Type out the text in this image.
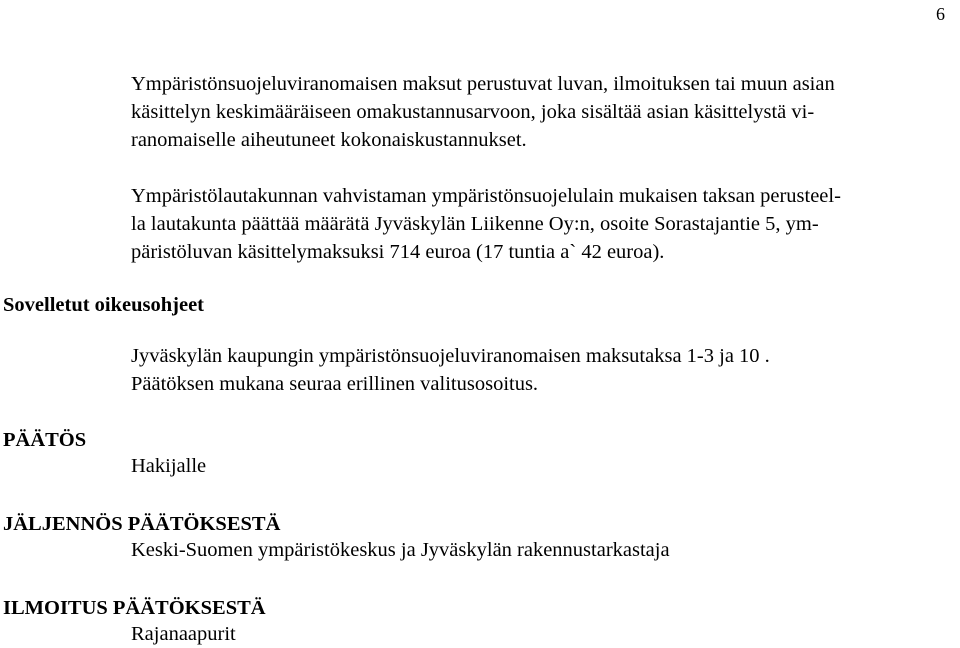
6
Ympäristönsuojeluviranomaisen maksut perustuvat luvan, ilmoituksen tai muun asian
käsittelyn keskimääräiseen omakustannusarvoon, joka sisältää asian käsittelystä vi-
ranomaiselle aiheutuneet kokonaiskustannukset.
Ympäristölautakunnan vahvistaman ympäristönsuojelulain mukaisen taksan perusteel-
la lautakunta päättää määrätä Jyväskylän Liikenne Oy:n, osoite Sorastajantie 5, ym-
päristöluvan käsittelymaksuksi 714 euroa (17 tuntia a` 42 euroa).
Sovelletut oikeusohjeet
Jyväskylän kaupungin ympäristönsuojeluviranomaisen maksutaksa 1-3 ja 10 .
Päätöksen mukana seuraa erillinen valitusosoitus.
PÄÄTÖS
Hakijalle
JÄLJENNÖS PÄÄTÖKSESTÄ
Keski-Suomen ympäristökeskus ja Jyväskylän rakennustarkastaja
ILMOITUS PÄÄTÖKSESTÄ
Rajanaapurit
